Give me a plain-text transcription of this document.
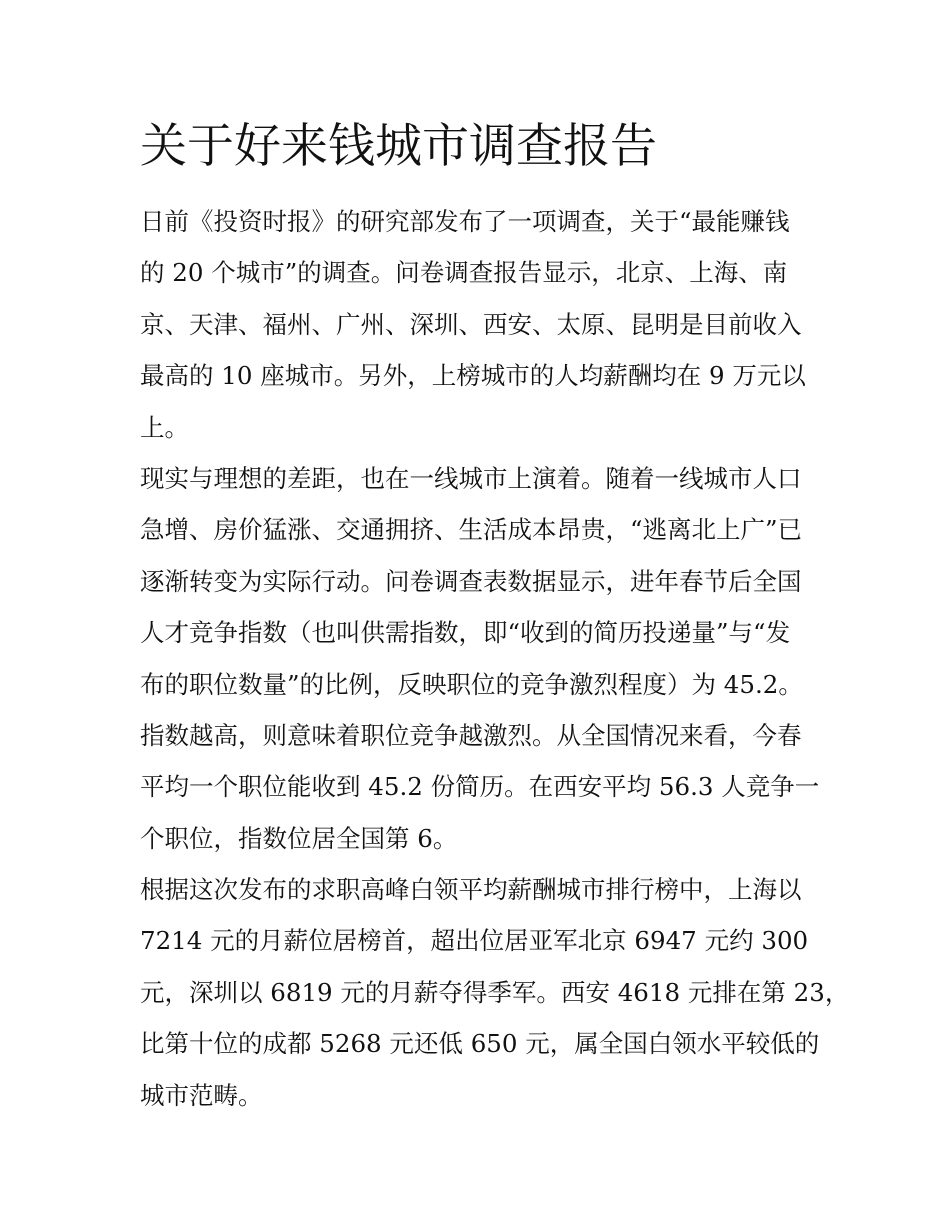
关于好来钱城市调查报告

日前《投资时报》的研究部发布了一项调查，关于“最能赚钱

的 20 个城市”的调查。问卷调查报告显示，北京、上海、南

京、天津、福州、广州、深圳、西安、太原、昆明是目前收入

最高的 10 座城市。另外，上榜城市的人均薪酬均在 9 万元以

上。

现实与理想的差距，也在一线城市上演着。随着一线城市人口

急增、房价猛涨、交通拥挤、生活成本昂贵，“逃离北上广”已

逐渐转变为实际行动。问卷调查表数据显示，进年春节后全国

人才竞争指数（也叫供需指数，即“收到的简历投递量”与“发

布的职位数量”的比例，反映职位的竞争激烈程度）为 45.2。

指数越高，则意味着职位竞争越激烈。从全国情况来看，今春

平均一个职位能收到 45.2 份简历。在西安平均 56.3 人竞争一

个职位，指数位居全国第 6。

根据这次发布的求职高峰白领平均薪酬城市排行榜中，上海以

7214 元的月薪位居榜首，超出位居亚军北京 6947 元约 300

元，深圳以 6819 元的月薪夺得季军。西安 4618 元排在第 23，

比第十位的成都 5268 元还低 650 元，属全国白领水平较低的

城市范畴。
